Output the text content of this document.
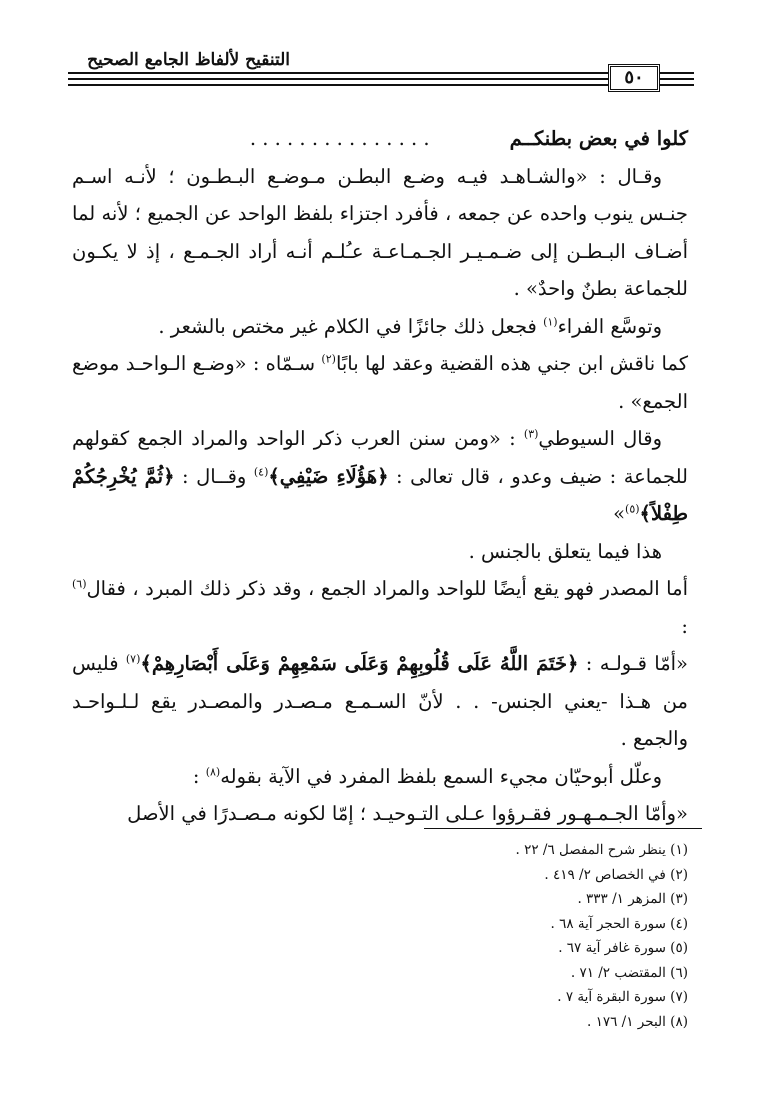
التنقيح لألفاظ الجامع الصحيح
٥٠

كلوا في بعض بطنكــم. . . . . . . . . . . . . . .

وقـال : «والشـاهـد فيـه وضـع البطـن مـوضـع البـطـون ؛ لأنـه اسـم جنـس ينوب واحده عن جمعه ، فأفرد اجتزاء بلفظ الواحد عن الجميع ؛ لأنه لما أضـاف البـطـن إلى ضـمـيـر الجـمـاعـة عـُلـم أنـه أراد الجـمـع ، إذ لا يكـون للجماعة بطنٌ واحدٌ» .

وتوسَّع الفراء$^{(١)}$ فجعل ذلك جائزًا في الكلام غير مختص بالشعر .

كما ناقش ابن جني هذه القضية وعقد لها بابًا$^{(٢)}$ سـمّاه : «وضـع الـواحـد موضع الجمع» .

وقال السيوطي$^{(٣)}$ : «ومن سنن العرب ذكر الواحد والمراد الجمع كقولهم للجماعة : ضيف وعدو ، قال تعالى : ﴿هَؤُلَاءِ ضَيْفِي﴾$^{(٤)}$ وقــال : ﴿ثُمَّ يُخْرِجُكُمْ طِفْلاً﴾$^{(٥)}$»

هذا فيما يتعلق بالجنس .

أما المصدر فهو يقع أيضًا للواحد والمراد الجمع ، وقد ذكر ذلك المبرد ، فقال$^{(٦)}$ :

«أمّا قـولـه : ﴿خَتَمَ اللَّهُ عَلَى قُلُوبِهِمْ وَعَلَى سَمْعِهِمْ وَعَلَى أَبْصَارِهِمْ﴾$^{(٧)}$ فليس من هـذا -يعني الجنس- . . لأنّ السـمـع مـصـدر والمصـدر يقع لـلـواحـد والجمع .

وعلّل أبوحيّان مجيء السمع بلفظ المفرد في الآية بقوله$^{(٨)}$ :

«وأمّا الجـمـهـور فقـرؤوا عـلى التـوحيـد ؛ إمّا لكونه مـصـدرًا في الأصل

(١) ينظر شرح المفصل ٦/ ٢٢ .
(٢) في الخصاص ٢/ ٤١٩ .
(٣) المزهر ١/ ٣٣٣ .
(٤) سورة الحجر آية ٦٨ .
(٥) سورة غافر آية ٦٧ .
(٦) المقتضب ٢/ ٧١ .
(٧) سورة البقرة آية ٧ .
(٨) البحر ١/ ١٧٦ .
